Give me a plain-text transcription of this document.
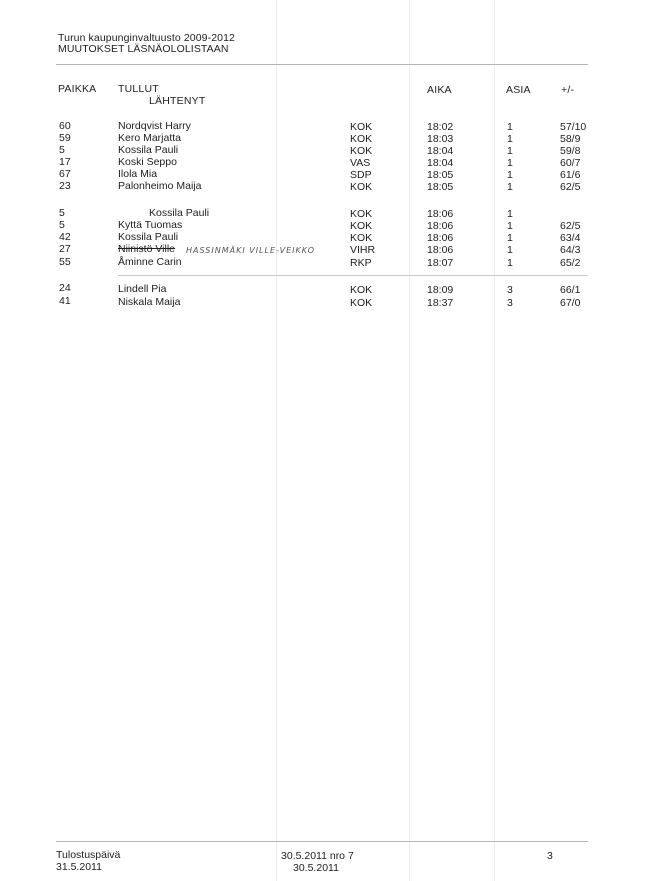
Turun kaupunginvaltuusto 2009-2012
MUUTOKSET LÄSNÄOLOLISTAAN
PAIKKA TULLUT
LÄHTENYT
AIKA	ASIA	+/-
60	Nordqvist Harry	KOK	18:02	1	57/10
59	Kero Marjatta	KOK	18:03	1	58/9
5	Kossila Pauli	KOK	18:04	1	59/8
17	Koski Seppo	VAS	18:04	1	60/7
67	Ilola Mia	SDP	18:05	1	61/6
23	Palonheimo Maija	KOK	18:05	1	62/5
5	Kossila Pauli	KOK	18:06	1
5	Kyttä Tuomas	KOK	18:06	1	62/5
42	Kossila Pauli	KOK	18:06	1	63/4
27	Niinistö Ville HASSINMÄKI VILLE-VEIKKO	VIHR	18:06	1	64/3
55	Åminne Carin	RKP	18:07	1	65/2
24	Lindell Pia	KOK	18:09	3	66/1
41	Niskala Maija	KOK	18:37	3	67/0
Tulostuspäivä
31.5.2011
30.5.2011 nro 7
30.5.2011
3
